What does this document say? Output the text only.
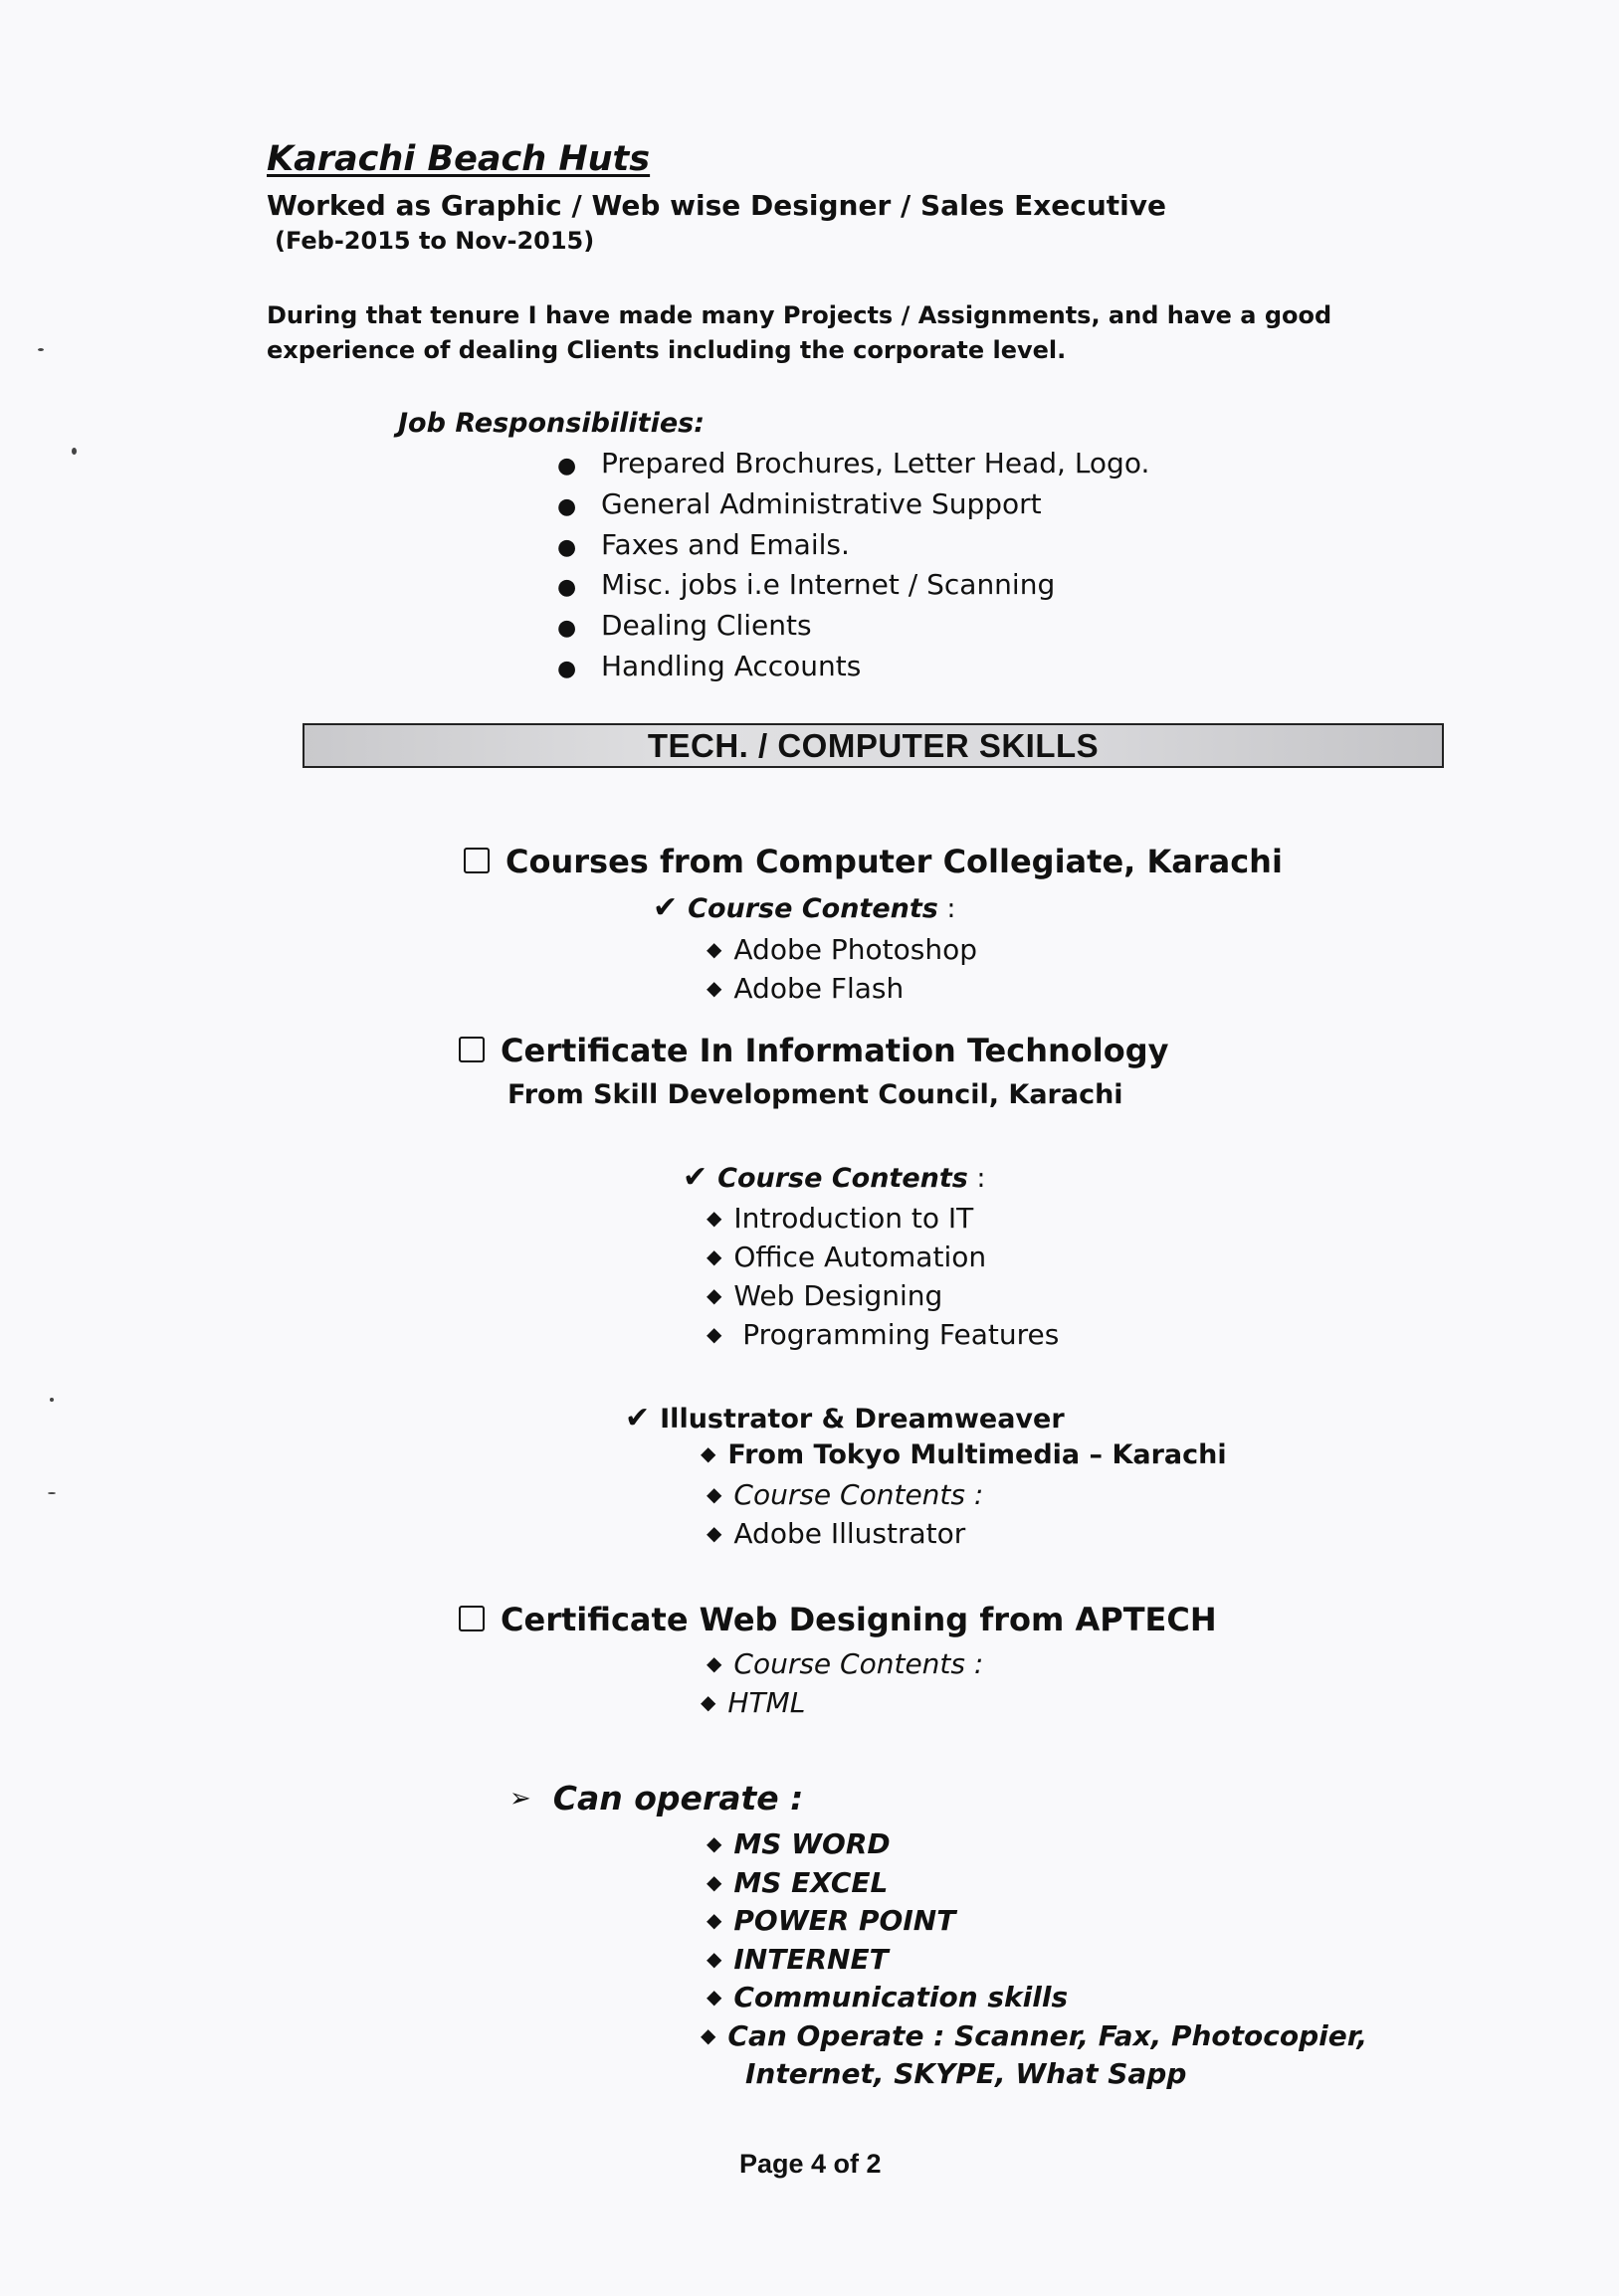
Karachi Beach Huts
Worked as Graphic / Web wise Designer / Sales Executive
(Feb-2015 to Nov-2015)
During that tenure I have made many Projects / Assignments, and have a good experience of dealing Clients including the corporate level.
Job Responsibilities:
● Prepared Brochures, Letter Head, Logo.
● General Administrative Support
● Faxes and Emails.
● Misc. jobs i.e Internet / Scanning
● Dealing Clients
● Handling Accounts
TECH. / COMPUTER SKILLS
Courses from Computer Collegiate, Karachi
✔ Course Contents :
◆ Adobe Photoshop
◆ Adobe Flash
Certificate In Information Technology
From Skill Development Council, Karachi
✔ Course Contents :
◆ Introduction to IT
◆ Office Automation
◆ Web Designing
◆ Programming Features
✔ Illustrator & Dreamweaver
◆ From Tokyo Multimedia – Karachi
◆ Course Contents :
◆ Adobe Illustrator
Certificate Web Designing from APTECH
◆ Course Contents :
◆ HTML
➢ Can operate :
◆ MS WORD
◆ MS EXCEL
◆ POWER POINT
◆ INTERNET
◆ Communication skills
◆ Can Operate : Scanner, Fax, Photocopier,
Internet, SKYPE, What Sapp
Page 4 of 2
